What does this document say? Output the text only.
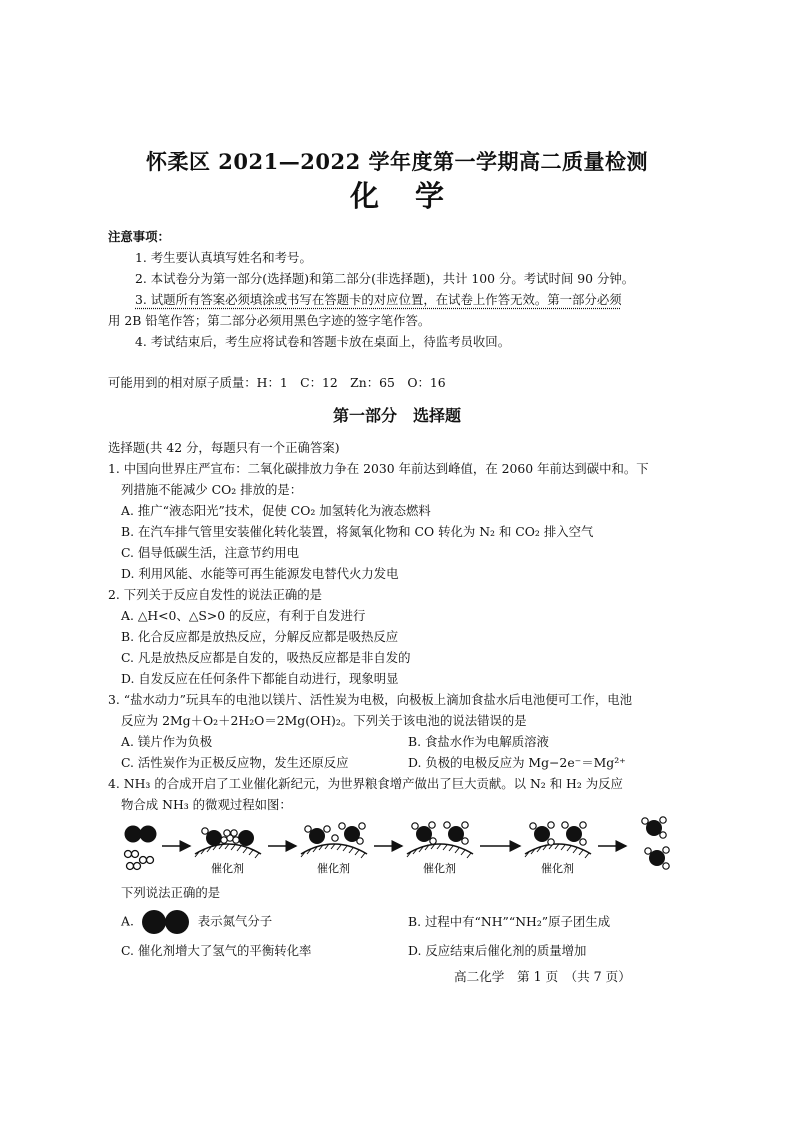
怀柔区 2021—2022 学年度第一学期高二质量检测
化学
注意事项：
1. 考生要认真填写姓名和考号。
2. 本试卷分为第一部分(选择题)和第二部分(非选择题)，共计 100 分。考试时间 90 分钟。
3. 试题所有答案必须填涂或书写在答题卡的对应位置，在试卷上作答无效。第一部分必须
用 2B 铅笔作答；第二部分必须用黑色字迹的签字笔作答。
4. 考试结束后，考生应将试卷和答题卡放在桌面上，待监考员收回。
可能用到的相对原子质量：H：1　C：12　Zn：65　O：16
第一部分　选择题
选择题(共 42 分，每题只有一个正确答案)
1. 中国向世界庄严宣布：二氧化碳排放力争在 2030 年前达到峰值，在 2060 年前达到碳中和。下
列措施不能减少 CO₂ 排放的是：
A. 推广“液态阳光”技术，促使 CO₂ 加氢转化为液态燃料
B. 在汽车排气管里安装催化转化装置，将氮氧化物和 CO 转化为 N₂ 和 CO₂ 排入空气
C. 倡导低碳生活，注意节约用电
D. 利用风能、水能等可再生能源发电替代火力发电
2. 下列关于反应自发性的说法正确的是
A. △H<0、△S>0 的反应，有利于自发进行
B. 化合反应都是放热反应，分解反应都是吸热反应
C. 凡是放热反应都是自发的，吸热反应都是非自发的
D. 自发反应在任何条件下都能自动进行，现象明显
3. “盐水动力”玩具车的电池以镁片、活性炭为电极，向极板上滴加食盐水后电池便可工作，电池
反应为 2Mg＋O₂＋2H₂O＝2Mg(OH)₂。下列关于该电池的说法错误的是
A. 镁片作为负极	B. 食盐水作为电解质溶液
C. 活性炭作为正极反应物，发生还原反应	D. 负极的电极反应为 Mg−2e⁻＝Mg²⁺
4. NH₃ 的合成开启了工业催化新纪元，为世界粮食增产做出了巨大贡献。以 N₂ 和 H₂ 为反应
物合成 NH₃ 的微观过程如图：
催化剂	催化剂	催化剂	催化剂
下列说法正确的是
A.	表示氮气分子	B. 过程中有“NH”“NH₂”原子团生成
C. 催化剂增大了氢气的平衡转化率	D. 反应结束后催化剂的质量增加
高二化学　第 1 页　（共 7 页）
